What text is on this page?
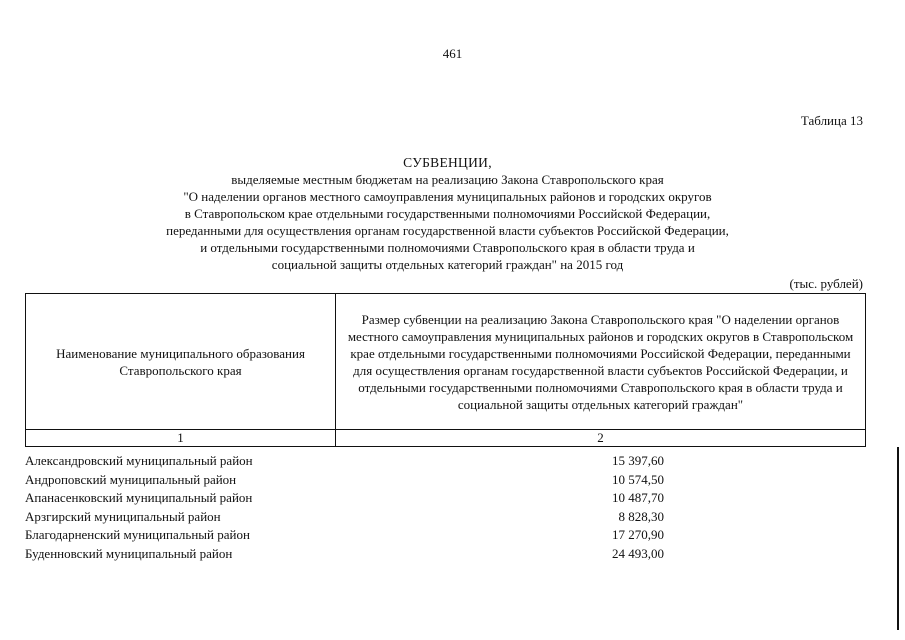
461
Таблица 13
СУБВЕНЦИИ,
выделяемые местным бюджетам на реализацию Закона Ставропольского края
"О наделении органов местного самоуправления муниципальных районов и городских округов
в Ставропольском крае отдельными государственными полномочиями Российской Федерации,
переданными для осуществления органам государственной власти субъектов Российской Федерации,
и отдельными государственными полномочиями Ставропольского края в области труда и
социальной защиты отдельных категорий граждан" на 2015 год
(тыс. рублей)
Наименование муниципального образования Ставропольского края	Размер субвенции на реализацию Закона Ставропольского края "О наделении органов местного самоуправления муниципальных районов и городских округов в Ставропольском крае отдельными государственными полномочиями Российской Федерации, переданными для осуществления органам государственной власти субъектов Российской Федерации, и отдельными государственными полномочиями Ставропольского края в области труда и социальной защиты отдельных категорий граждан"
1	2
Александровский муниципальный район	15 397,60
Андроповский муниципальный район	10 574,50
Апанасенковский муниципальный район	10 487,70
Арзгирский муниципальный район	8 828,30
Благодарненский муниципальный район	17 270,90
Буденновский муниципальный район	24 493,00
